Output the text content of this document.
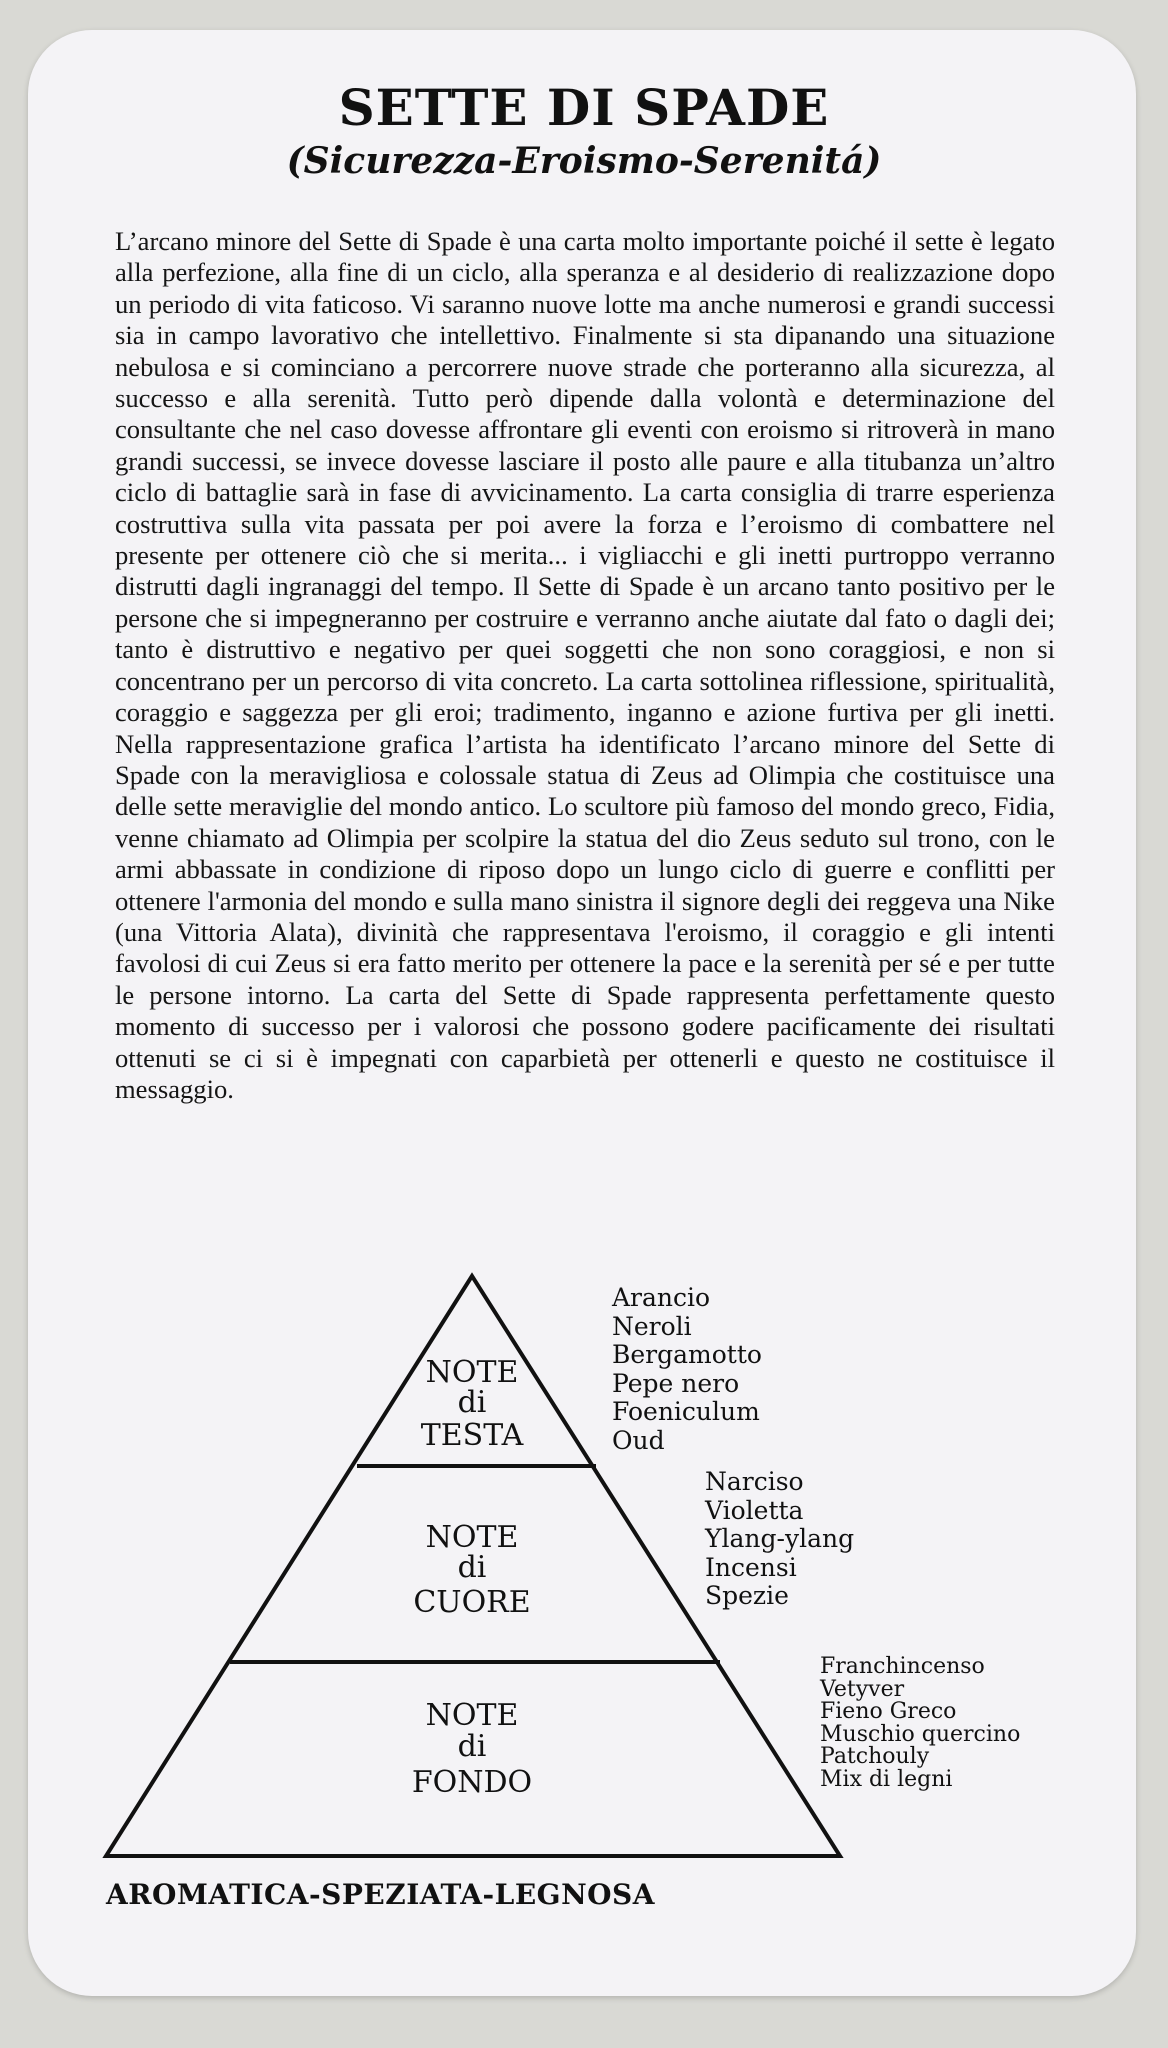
SETTE DI SPADE
(Sicurezza-Eroismo-Serenitá)

L’arcano minore del Sette di Spade è una carta molto importante poiché il sette è legato alla perfezione, alla fine di un ciclo, alla speranza e al desiderio di realizzazione dopo un periodo di vita faticoso. Vi saranno nuove lotte ma anche numerosi e grandi successi sia in campo lavorativo che intellettivo. Finalmente si sta dipanando una situazione nebulosa e si cominciano a percorrere nuove strade che porteranno alla sicurezza, al successo e alla serenità. Tutto però dipende dalla volontà e determinazione del consultante che nel caso dovesse affrontare gli eventi con eroismo si ritroverà in mano grandi successi, se invece dovesse lasciare il posto alle paure e alla titubanza un’altro ciclo di battaglie sarà in fase di avvicinamento. La carta consiglia di trarre esperienza costruttiva sulla vita passata per poi avere la forza e l’eroismo di combattere nel presente per ottenere ciò che si merita... i vigliacchi e gli inetti purtroppo verranno distrutti dagli ingranaggi del tempo. Il Sette di Spade è un arcano tanto positivo per le persone che si impegneranno per costruire e verranno anche aiutate dal fato o dagli dei; tanto è distruttivo e negativo per quei soggetti che non sono coraggiosi, e non si concentrano per un percorso di vita concreto. La carta sottolinea riflessione, spiritualità, coraggio e saggezza per gli eroi; tradimento, inganno e azione furtiva per gli inetti. Nella rappresentazione grafica l’artista ha identificato l’arcano minore del Sette di Spade con la meravigliosa e colossale statua di Zeus ad Olimpia che costituisce una delle sette meraviglie del mondo antico. Lo scultore più famoso del mondo greco, Fidia, venne chiamato ad Olimpia per scolpire la statua del dio Zeus seduto sul trono, con le armi abbassate in condizione di riposo dopo un lungo ciclo di guerre e conflitti per ottenere l'armonia del mondo e sulla mano sinistra il signore degli dei reggeva una Nike (una Vittoria Alata), divinità che rappresentava l'eroismo, il coraggio e gli intenti favolosi di cui Zeus si era fatto merito per ottenere la pace e la serenità per sé e per tutte le persone intorno. La carta del Sette di Spade rappresenta perfettamente questo momento di successo per i valorosi che possono godere pacificamente dei risultati ottenuti se ci si è impegnati con caparbietà per ottenerli e questo ne costituisce il messaggio.

NOTE
di
TESTA
NOTE
di
CUORE
NOTE
di
FONDO
Arancio
Neroli
Bergamotto
Pepe nero
Foeniculum
Oud
Narciso
Violetta
Ylang-ylang
Incensi
Spezie
Franchincenso
Vetyver
Fieno Greco
Muschio quercino
Patchouly
Mix di legni

AROMATICA-SPEZIATA-LEGNOSA
